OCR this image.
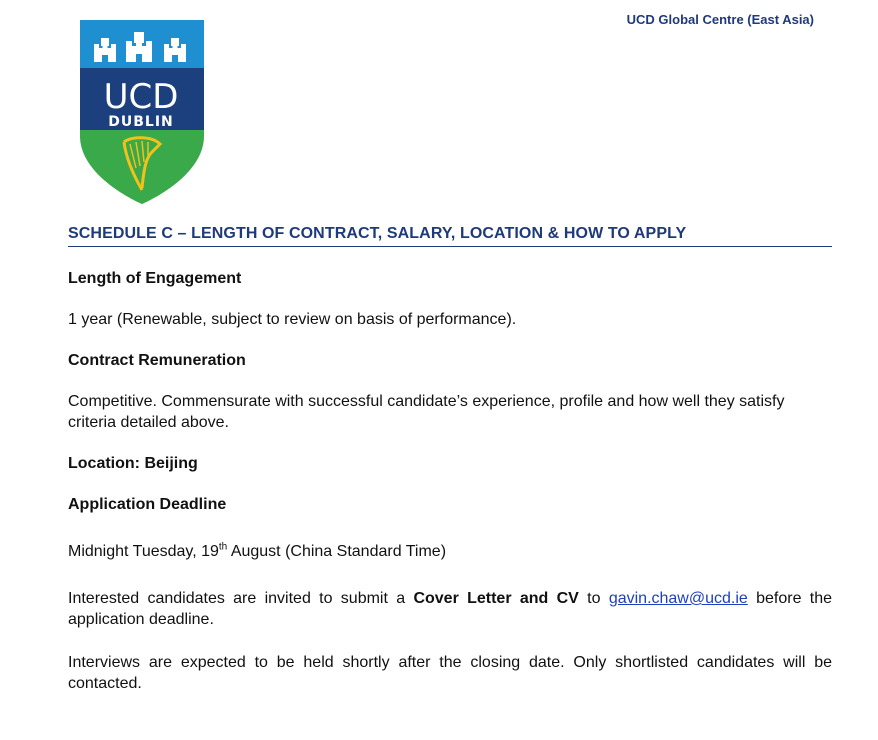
UCD Global Centre (East Asia)
UCD
DUBLIN
SCHEDULE C – LENGTH OF CONTRACT, SALARY, LOCATION & HOW TO APPLY

Length of Engagement

1 year (Renewable, subject to review on basis of performance).

Contract Remuneration

Competitive. Commensurate with successful candidate’s experience, profile and how well they satisfy criteria detailed above.

Location: Beijing

Application Deadline

Midnight Tuesday, 19th August (China Standard Time)

Interested candidates are invited to submit a Cover Letter and CV to gavin.chaw@ucd.ie before the application deadline.

Interviews are expected to be held shortly after the closing date. Only shortlisted candidates will be contacted.
